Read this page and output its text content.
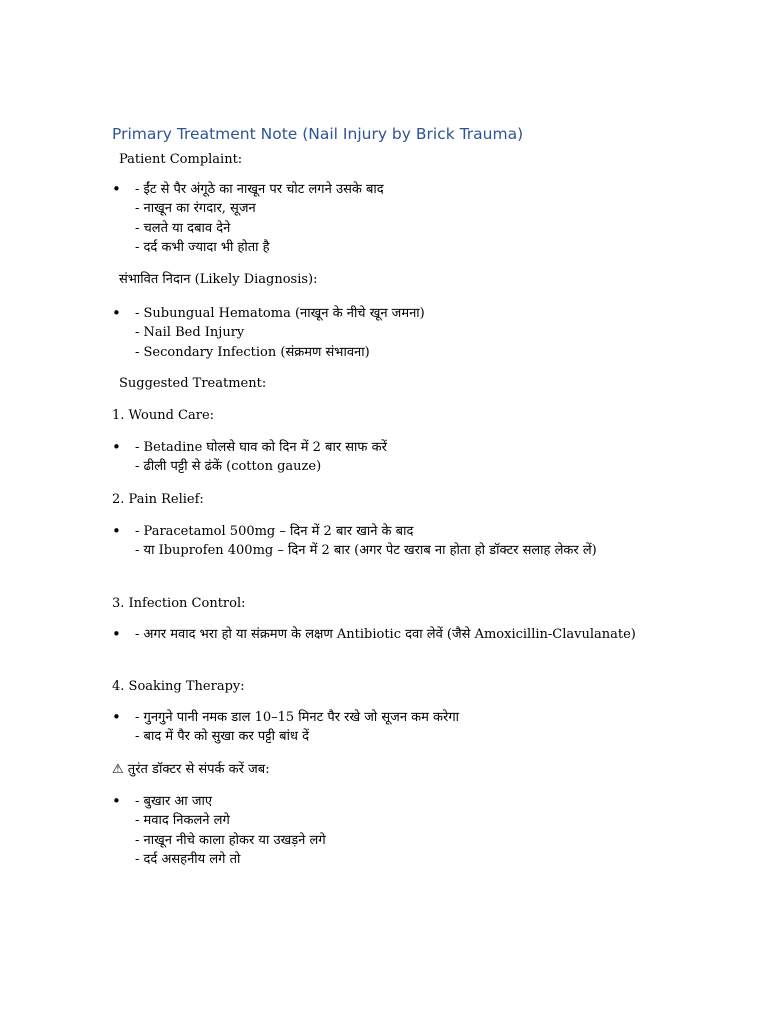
Primary Treatment Note (Nail Injury by Brick Trauma)
Patient Complaint:
• - ईंट से पैर अंगूठे का नाखून पर चोट लगने उसके बाद
- नाखून का रंगदार, सूजन
- चलते या दबाव देने
- दर्द कभी ज्यादा भी होता है
संभावित निदान (Likely Diagnosis):
• - Subungual Hematoma (नाखून के नीचे खून जमना)
- Nail Bed Injury
- Secondary Infection (संक्रमण संभावना)
Suggested Treatment:
1. Wound Care:
• - Betadine घोल​से घाव को दिन में 2 बार साफ करें
- ढीली पट्टी से ढंकें (cotton gauze)
2. Pain Relief:
• - Paracetamol 500mg – दिन में 2 बार खाने के बाद
- या Ibuprofen 400mg – दिन में 2 बार (अगर पेट खराब ना होता हो डॉक्टर सलाह लेकर लें)
3. Infection Control:
• - अगर मवाद भरा हो या संक्रमण के लक्षण Antibiotic दवा लेवें (जैसे Amoxicillin-Clavulanate)
4. Soaking Therapy:
• - गुनगुने पानी नमक डाल 10–15 मिनट पैर रखे जो सूजन कम करेगा
- बाद में पैर को सुखा कर पट्टी बांध दें
⚠ तुरंत डॉक्टर से संपर्क करें जब:
• - बुखार आ जाए
- मवाद निकलने लगे
- नाखून नीचे काला होकर या उखड़ने लगे
- दर्द असहनीय लगे तो
